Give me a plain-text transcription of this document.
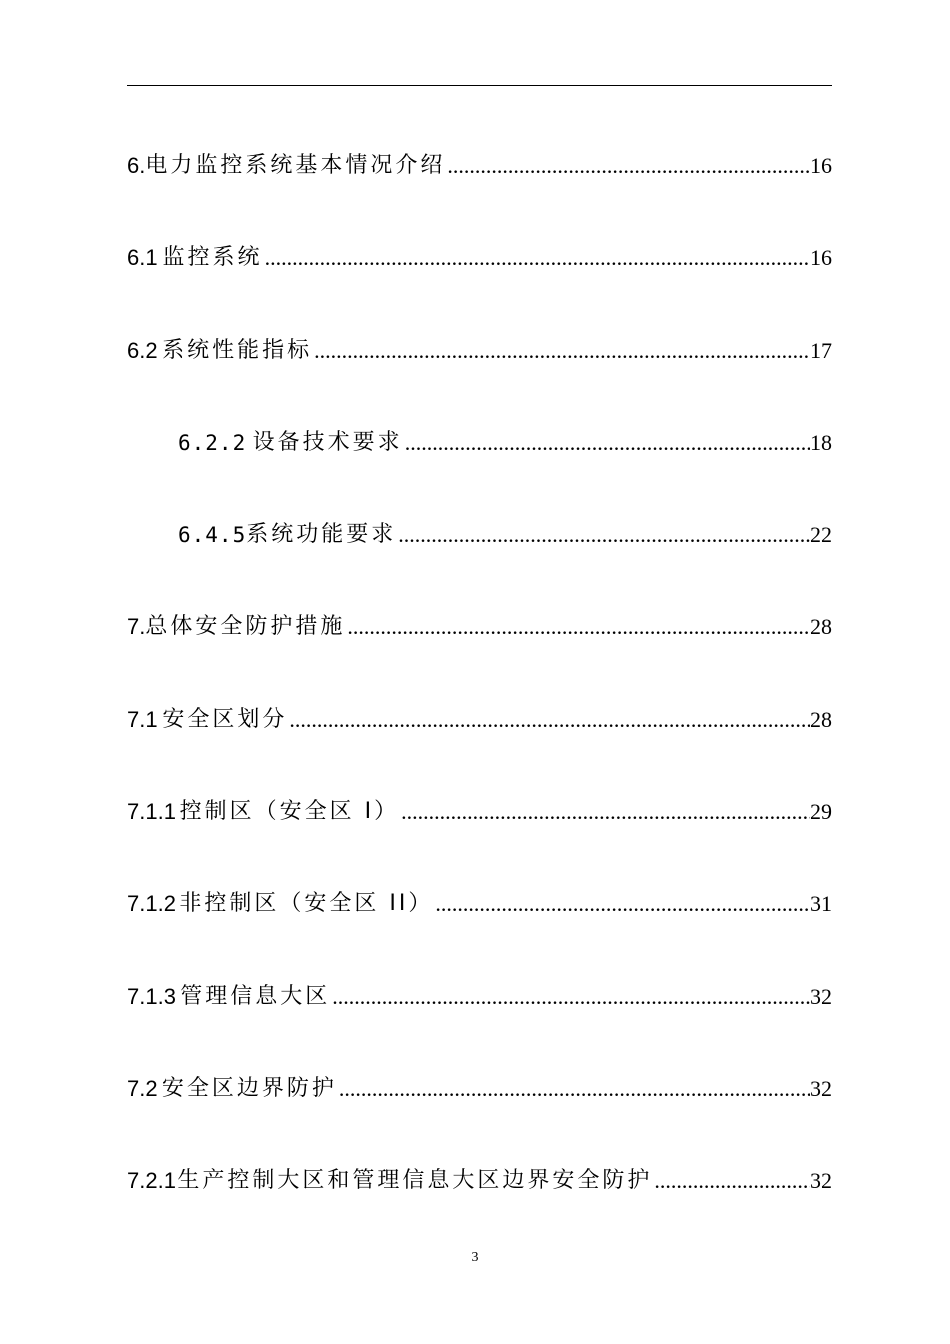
6. 电力监控系统基本情况介绍 .....	16
6.1 监控系统 .....	16
6.2 系统性能指标 .....	17
6.2.2 设备技术要求 .....	18
6.4.5 系统功能要求 .....	22
7. 总体安全防护措施 .....	28
7.1 安全区划分 .....	28
7.1.1 控制区（安全区 I） .....	29
7.1.2 非控制区（安全区 II） .....	31
7.1.3 管理信息大区 .....	32
7.2 安全区边界防护 .....	32
7.2.1 生产控制大区和管理信息大区边界安全防护 .....	32
3
